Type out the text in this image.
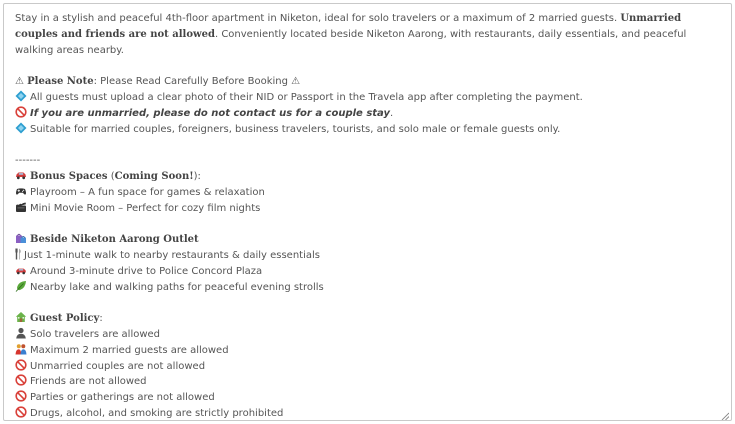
Stay in a stylish and peaceful 4th-floor apartment in Niketon, ideal for solo travelers or a maximum of 2 married guests. Unmarried couples and friends are not allowed. Conveniently located beside Niketon Aarong, with restaurants, daily essentials, and peaceful walking areas nearby.
⚠ Please Note: Please Read Carefully Before Booking ⚠
All guests must upload a clear photo of their NID or Passport in the Travela app after completing the payment.
If you are unmarried, please do not contact us for a couple stay.
Suitable for married couples, foreigners, business travelers, tourists, and solo male or female guests only.
-------
Bonus Spaces (Coming Soon!):
Playroom – A fun space for games & relaxation
Mini Movie Room – Perfect for cozy film nights
Beside Niketon Aarong Outlet
Just 1-minute walk to nearby restaurants & daily essentials
Around 3-minute drive to Police Concord Plaza
Nearby lake and walking paths for peaceful evening strolls
Guest Policy:
Solo travelers are allowed
Maximum 2 married guests are allowed
Unmarried couples are not allowed
Friends are not allowed
Parties or gatherings are not allowed
Drugs, alcohol, and smoking are strictly prohibited
